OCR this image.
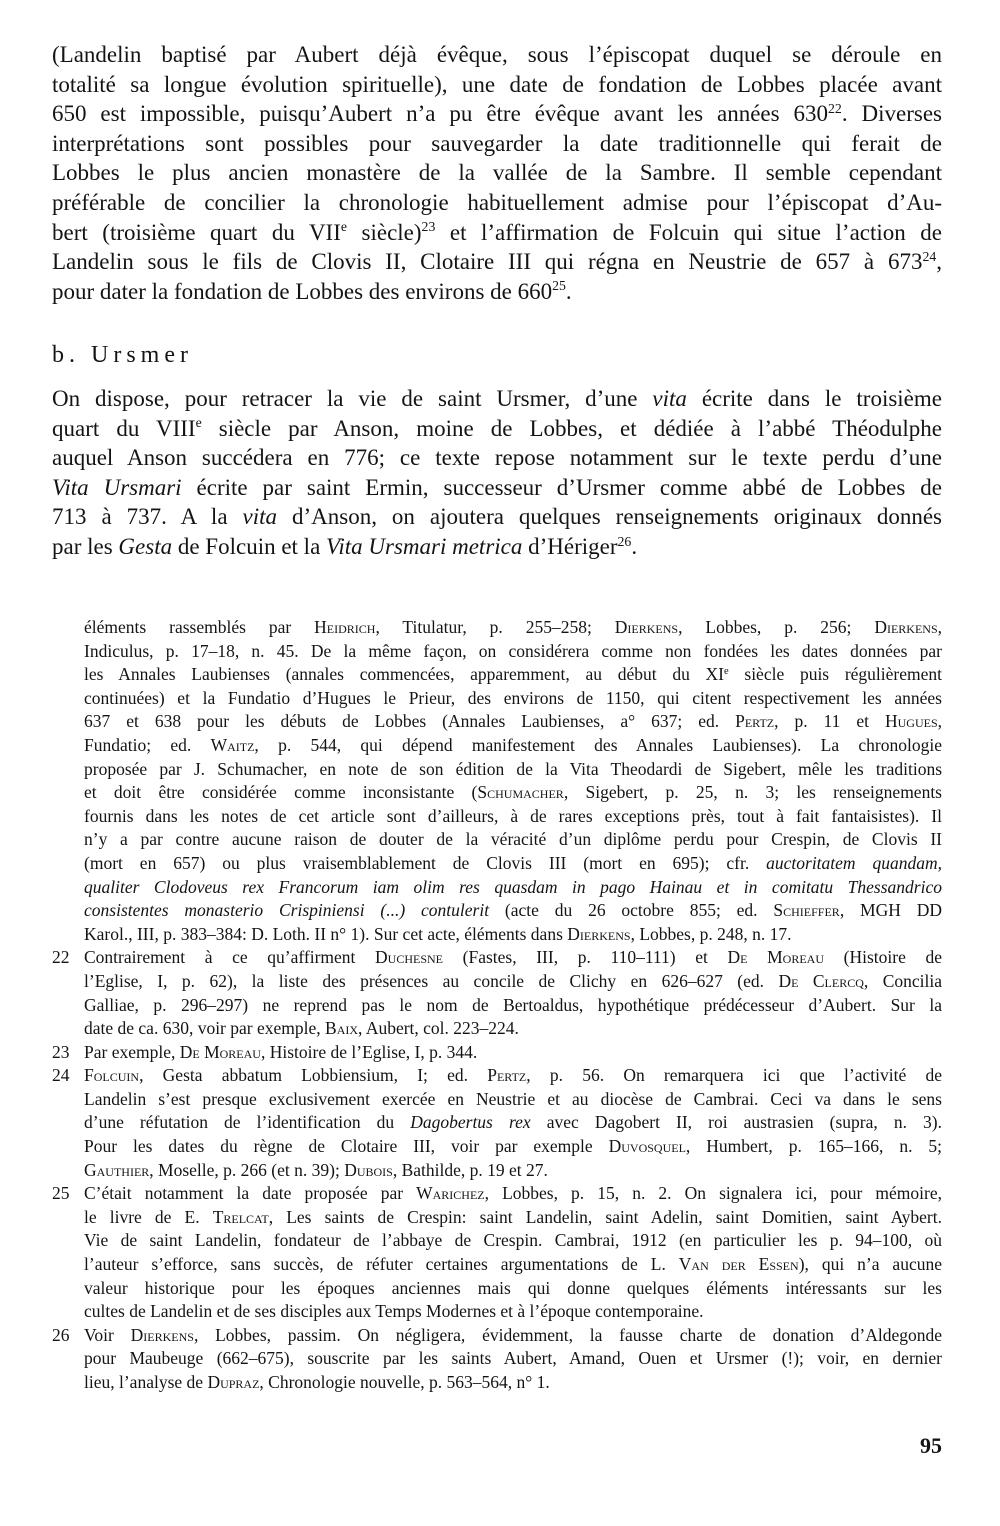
(Landelin baptisé par Aubert déjà évêque, sous l’épiscopat duquel se déroule en
totalité sa longue évolution spirituelle), une date de fondation de Lobbes placée avant
650 est impossible, puisqu’Aubert n’a pu être évêque avant les années $630^{22}$. Diverses
interprétations sont possibles pour sauvegarder la date traditionnelle qui ferait de
Lobbes le plus ancien monastère de la vallée de la Sambre. Il semble cependant
préférable de concilier la chronologie habituellement admise pour l’épiscopat d’Au-
bert (troisième quart du VIIe siècle)$^{23}$ et l’affirmation de Folcuin qui situe l’action de
Landelin sous le fils de Clovis II, Clotaire III qui régna en Neustrie de 657 à $673^{24}$,
pour dater la fondation de Lobbes des environs de $660^{25}$.
b. Ursmer
On dispose, pour retracer la vie de saint Ursmer, d’une vita écrite dans le troisième
quart du VIIIe siècle par Anson, moine de Lobbes, et dédiée à l’abbé Théodulphe
auquel Anson succédera en 776; ce texte repose notamment sur le texte perdu d’une
Vita Ursmari écrite par saint Ermin, successeur d’Ursmer comme abbé de Lobbes de
713 à 737. A la vita d’Anson, on ajoutera quelques renseignements originaux donnés
par les Gesta de Folcuin et la Vita Ursmari metrica d’Hériger$^{26}$.
éléments rassemblés par Heidrich, Titulatur, p. 255–258; Dierkens, Lobbes, p. 256; Dierkens,
Indiculus, p. 17–18, n. 45. De la même façon, on considérera comme non fondées les dates données par
les Annales Laubienses (annales commencées, apparemment, au début du XIe siècle puis régulièrement
continuées) et la Fundatio d’Hugues le Prieur, des environs de 1150, qui citent respectivement les années
637 et 638 pour les débuts de Lobbes (Annales Laubienses, a° 637; ed. Pertz, p. 11 et Hugues,
Fundatio; ed. Waitz, p. 544, qui dépend manifestement des Annales Laubienses). La chronologie
proposée par J. Schumacher, en note de son édition de la Vita Theodardi de Sigebert, mêle les traditions
et doit être considérée comme inconsistante (Schumacher, Sigebert, p. 25, n. 3; les renseignements
fournis dans les notes de cet article sont d’ailleurs, à de rares exceptions près, tout à fait fantaisistes). Il
n’y a par contre aucune raison de douter de la véracité d’un diplôme perdu pour Crespin, de Clovis II
(mort en 657) ou plus vraisemblablement de Clovis III (mort en 695); cfr. auctoritatem quandam,
qualiter Clodoveus rex Francorum iam olim res quasdam in pago Hainau et in comitatu Thessandrico
consistentes monasterio Crispiniensi (...) contulerit (acte du 26 octobre 855; ed. Schieffer, MGH DD
Karol., III, p. 383–384: D. Loth. II n° 1). Sur cet acte, éléments dans Dierkens, Lobbes, p. 248, n. 17.
22 Contrairement à ce qu’affirment Duchesne (Fastes, III, p. 110–111) et De Moreau (Histoire de
l’Eglise, I, p. 62), la liste des présences au concile de Clichy en 626–627 (ed. De Clercq, Concilia
Galliae, p. 296–297) ne reprend pas le nom de Bertoaldus, hypothétique prédécesseur d’Aubert. Sur la
date de ca. 630, voir par exemple, Baix, Aubert, col. 223–224.
23 Par exemple, De Moreau, Histoire de l’Eglise, I, p. 344.
24 Folcuin, Gesta abbatum Lobbiensium, I; ed. Pertz, p. 56. On remarquera ici que l’activité de
Landelin s’est presque exclusivement exercée en Neustrie et au diocèse de Cambrai. Ceci va dans le sens
d’une réfutation de l’identification du Dagobertus rex avec Dagobert II, roi austrasien (supra, n. 3).
Pour les dates du règne de Clotaire III, voir par exemple Duvosquel, Humbert, p. 165–166, n. 5;
Gauthier, Moselle, p. 266 (et n. 39); Dubois, Bathilde, p. 19 et 27.
25 C’était notamment la date proposée par Warichez, Lobbes, p. 15, n. 2. On signalera ici, pour mémoire,
le livre de E. Trelcat, Les saints de Crespin: saint Landelin, saint Adelin, saint Domitien, saint Aybert.
Vie de saint Landelin, fondateur de l’abbaye de Crespin. Cambrai, 1912 (en particulier les p. 94–100, où
l’auteur s’efforce, sans succès, de réfuter certaines argumentations de L. Van der Essen), qui n’a aucune
valeur historique pour les époques anciennes mais qui donne quelques éléments intéressants sur les
cultes de Landelin et de ses disciples aux Temps Modernes et à l’époque contemporaine.
26 Voir Dierkens, Lobbes, passim. On négligera, évidemment, la fausse charte de donation d’Aldegonde
pour Maubeuge (662–675), souscrite par les saints Aubert, Amand, Ouen et Ursmer (!); voir, en dernier
lieu, l’analyse de Dupraz, Chronologie nouvelle, p. 563–564, n° 1.
95
